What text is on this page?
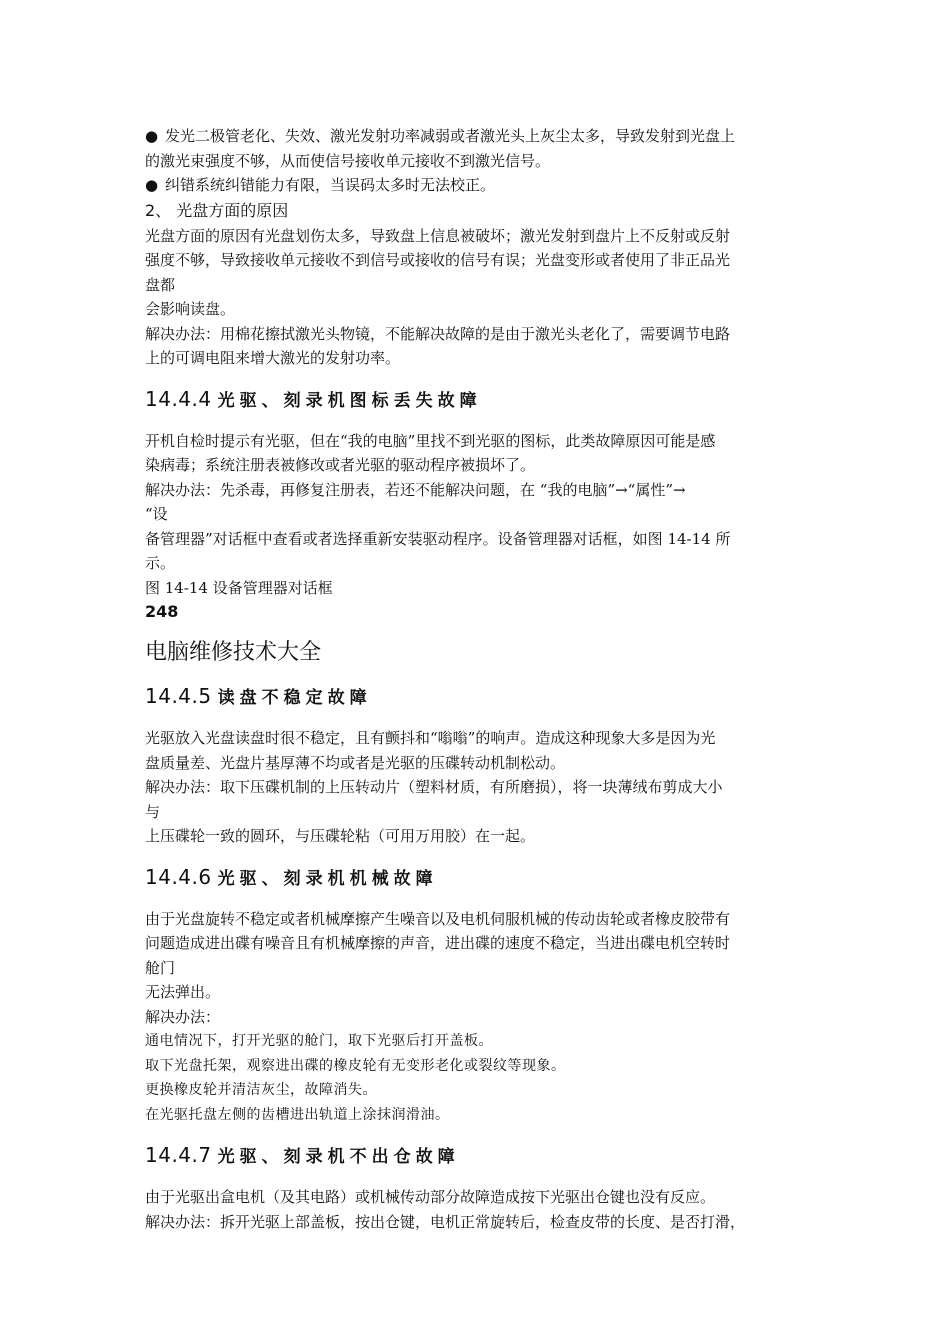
● 发光二极管老化、失效、激光发射功率减弱或者激光头上灰尘太多，导致发射到光盘上
的激光束强度不够，从而使信号接收单元接收不到激光信号。
● 纠错系统纠错能力有限，当误码太多时无法校正。
2、 光盘方面的原因
光盘方面的原因有光盘划伤太多，导致盘上信息被破坏；激光发射到盘片上不反射或反射
强度不够，导致接收单元接收不到信号或接收的信号有误；光盘变形或者使用了非正品光
盘都
会影响读盘。
解决办法：用棉花擦拭激光头物镜，不能解决故障的是由于激光头老化了，需要调节电路
上的可调电阻来增大激光的发射功率。
14.4.4 光驱、刻录机图标丢失故障
开机自检时提示有光驱，但在“我的电脑”里找不到光驱的图标，此类故障原因可能是感
染病毒；系统注册表被修改或者光驱的驱动程序被损坏了。
解决办法：先杀毒，再修复注册表，若还不能解决问题，在 “我的电脑”→“属性”→
“设
备管理器”对话框中查看或者选择重新安装驱动程序。设备管理器对话框，如图 14-14 所
示。
图 14-14 设备管理器对话框
248
电脑维修技术大全
14.4.5 读盘不稳定故障
光驱放入光盘读盘时很不稳定，且有颤抖和“嗡嗡”的响声。造成这种现象大多是因为光
盘质量差、光盘片基厚薄不均或者是光驱的压碟转动机制松动。
解决办法：取下压碟机制的上压转动片（塑料材质，有所磨损），将一块薄绒布剪成大小
与
上压碟轮一致的圆环，与压碟轮粘（可用万用胶）在一起。
14.4.6 光驱、刻录机机械故障
由于光盘旋转不稳定或者机械摩擦产生噪音以及电机伺服机械的传动齿轮或者橡皮胶带有
问题造成进出碟有噪音且有机械摩擦的声音，进出碟的速度不稳定，当进出碟电机空转时
舱门
无法弹出。
解决办法：
通电情况下，打开光驱的舱门，取下光驱后打开盖板。
取下光盘托架，观察进出碟的橡皮轮有无变形老化或裂纹等现象。
更换橡皮轮并清洁灰尘，故障消失。
在光驱托盘左侧的齿槽进出轨道上涂抹润滑油。
14.4.7 光驱、刻录机不出仓故障
由于光驱出盒电机（及其电路）或机械传动部分故障造成按下光驱出仓键也没有反应。
解决办法：拆开光驱上部盖板，按出仓键，电机正常旋转后，检查皮带的长度、是否打滑，
